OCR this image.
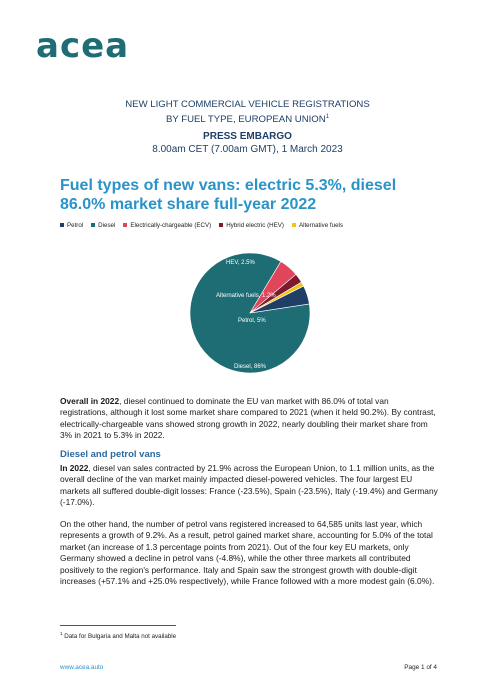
acea
NEW LIGHT COMMERCIAL VEHICLE REGISTRATIONS
BY FUEL TYPE, EUROPEAN UNION$^1$
PRESS EMBARGO
8.00am CET (7.00am GMT), 1 March 2023
Fuel types of new vans: electric 5.3%, diesel 86.0% market share full-year 2022
Petrol Diesel Electrically-chargeable (ECV) Hybrid electric (HEV) Alternative fuels
Diesel, 86%
ECV, 5.3%
HEV, 2.5%
Alternative fuels, 1.2%
Petrol, 5%
Overall in 2022, diesel continued to dominate the EU van market with 86.0% of total van registrations, although it lost some market share compared to 2021 (when it held 90.2%). By contrast, electrically-chargeable vans showed strong growth in 2022, nearly doubling their market share from 3% in 2021 to 5.3% in 2022.
Diesel and petrol vans
In 2022, diesel van sales contracted by 21.9% across the European Union, to 1.1 million units, as the overall decline of the van market mainly impacted diesel-powered vehicles. The four largest EU markets all suffered double-digit losses: France (-23.5%), Spain (-23.5%), Italy (-19.4%) and Germany (-17.0%).
On the other hand, the number of petrol vans registered increased to 64,585 units last year, which represents a growth of 9.2%. As a result, petrol gained market share, accounting for 5.0% of the total market (an increase of 1.3 percentage points from 2021). Out of the four key EU markets, only Germany showed a decline in petrol vans (-4.8%), while the other three markets all contributed positively to the region's performance. Italy and Spain saw the strongest growth with double-digit increases (+57.1% and +25.0% respectively), while France followed with a more modest gain (6.0%).
$^1$ Data for Bulgaria and Malta not available
www.acea.auto	Page 1 of 4
